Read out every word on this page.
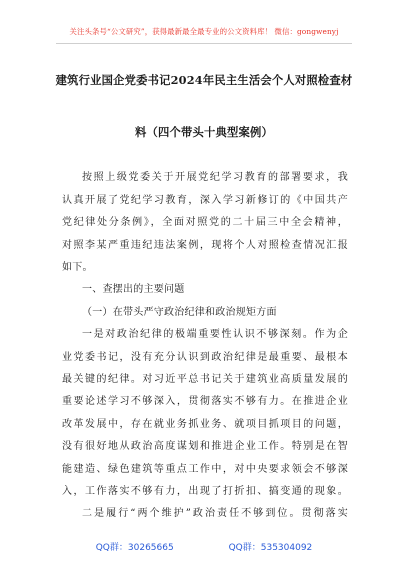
关注头条号“公文研究”，获得最新最全最专业的公文资料库！ 微信：gongwenyj
建筑行业国企党委书记2024年民主生活会个人对照检查材
料（四个带头十典型案例）
按照上级党委关于开展党纪学习教育的部署要求，我
认真开展了党纪学习教育，深入学习新修订的《中国共产
党纪律处分条例》，全面对照党的二十届三中全会精神，
对照李某严重违纪违法案例，现将个人对照检查情况汇报
如下。
一、查摆出的主要问题
（一）在带头严守政治纪律和政治规矩方面
一是对政治纪律的极端重要性认识不够深刻。作为企
业党委书记，没有充分认识到政治纪律是最重要、最根本
最关键的纪律。对习近平总书记关于建筑业高质量发展的
重要论述学习不够深入，贯彻落实不够有力。在推进企业
改革发展中，存在就业务抓业务、就项目抓项目的问题，
没有很好地从政治高度谋划和推进企业工作。特别是在智
能建造、绿色建筑等重点工作中，对中央要求领会不够深
入，工作落实不够有力，出现了打折扣、搞变通的现象。
二是履行“两个维护”政治责任不够到位。贯彻落实
QQ群：30265665	QQ群：535304092
